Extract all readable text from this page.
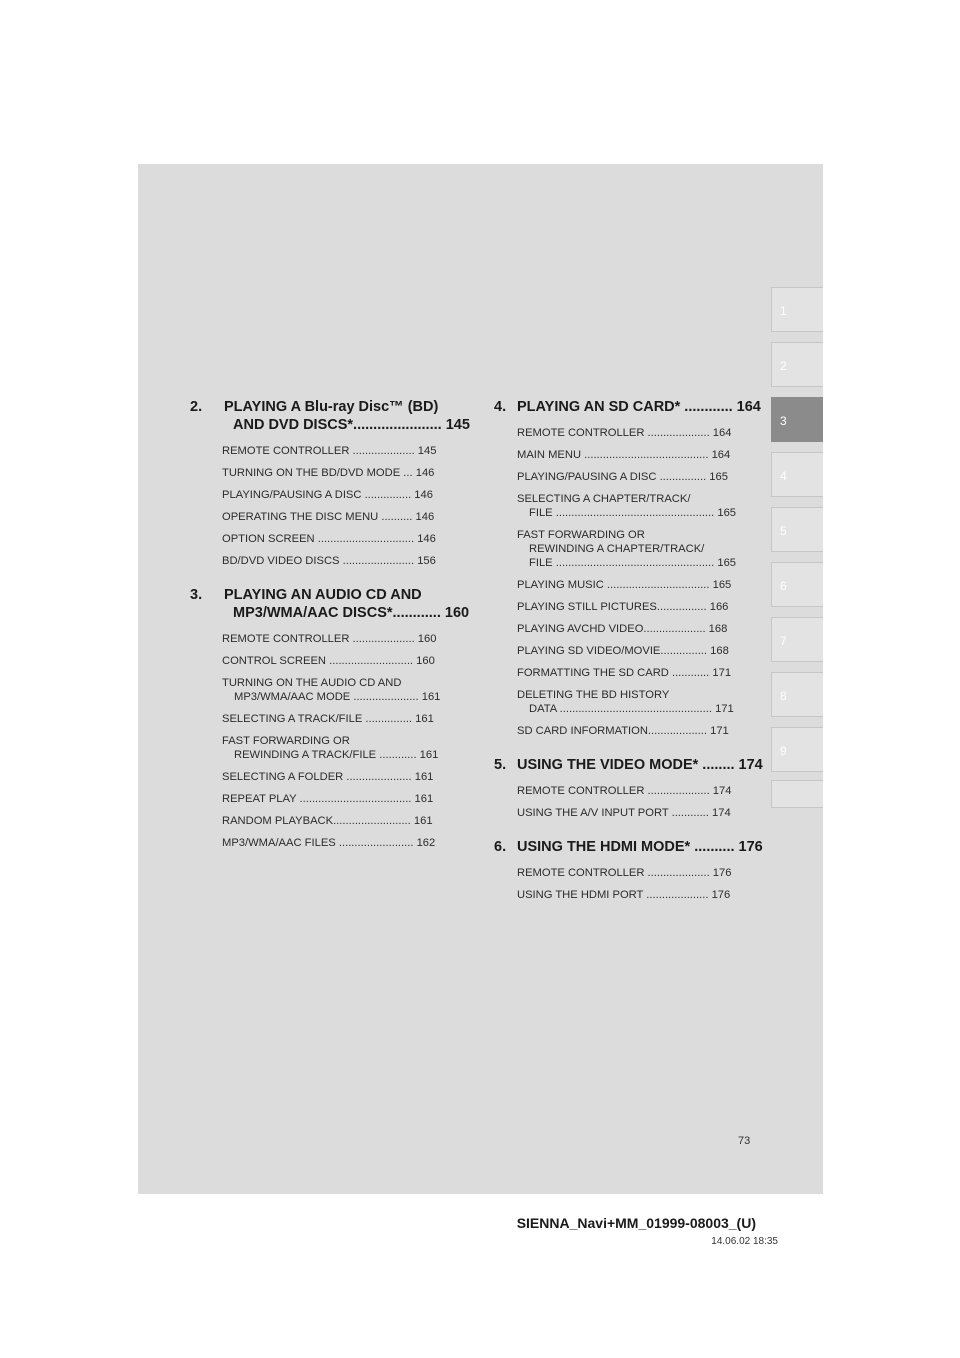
1
2
3
4
5
6
7
8
9
2. PLAYING A Blu-ray Disc™ (BD)
AND DVD DISCS*...................... 145
REMOTE CONTROLLER .................... 145
TURNING ON THE BD/DVD MODE ... 146
PLAYING/PAUSING A DISC ............... 146
OPERATING THE DISC MENU .......... 146
OPTION SCREEN ............................... 146
BD/DVD VIDEO DISCS ....................... 156
3. PLAYING AN AUDIO CD AND
MP3/WMA/AAC DISCS*............ 160
REMOTE CONTROLLER .................... 160
CONTROL SCREEN ........................... 160
TURNING ON THE AUDIO CD AND
MP3/WMA/AAC MODE ..................... 161
SELECTING A TRACK/FILE ............... 161
FAST FORWARDING OR
REWINDING A TRACK/FILE ............ 161
SELECTING A FOLDER ..................... 161
REPEAT PLAY .................................... 161
RANDOM PLAYBACK......................... 161
MP3/WMA/AAC FILES ........................ 162
4. PLAYING AN SD CARD* ............ 164
REMOTE CONTROLLER .................... 164
MAIN MENU ........................................ 164
PLAYING/PAUSING A DISC ............... 165
SELECTING A CHAPTER/TRACK/
FILE ................................................... 165
FAST FORWARDING OR
REWINDING A CHAPTER/TRACK/
FILE ................................................... 165
PLAYING MUSIC ................................. 165
PLAYING STILL PICTURES................ 166
PLAYING AVCHD VIDEO.................... 168
PLAYING SD VIDEO/MOVIE............... 168
FORMATTING THE SD CARD ............ 171
DELETING THE BD HISTORY
DATA ................................................. 171
SD CARD INFORMATION................... 171
5. USING THE VIDEO MODE* ........ 174
REMOTE CONTROLLER .................... 174
USING THE A/V INPUT PORT ............ 174
6. USING THE HDMI MODE* .......... 176
REMOTE CONTROLLER .................... 176
USING THE HDMI PORT .................... 176
73
SIENNA_Navi+MM_01999-08003_(U)
14.06.02 18:35
